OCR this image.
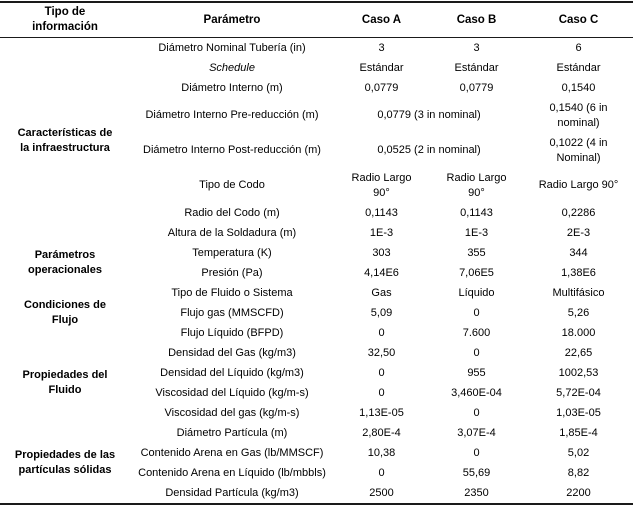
Tipo de información	Parámetro	Caso A	Caso B	Caso C
Características de la infraestructura	Diámetro Nominal Tubería (in)	3	3	6
	Schedule	Estándar	Estándar	Estándar
	Diámetro Interno (m)	0,0779	0,0779	0,1540
	Diámetro Interno Pre-reducción (m)	0,0779 (3 in nominal)		0,1540 (6 in nominal)
	Diámetro Interno Post-reducción (m)	0,0525 (2 in nominal)		0,1022 (4 in Nominal)
	Tipo de Codo	Radio Largo 90°	Radio Largo 90°	Radio Largo 90°
	Radio del Codo (m)	0,1143	0,1143	0,2286
	Altura de la Soldadura (m)	1E-3	1E-3	2E-3
Parámetros operacionales	Temperatura (K)	303	355	344
	Presión (Pa)	4,14E6	7,06E5	1,38E6
Condiciones de Flujo	Tipo de Fluido o Sistema	Gas	Líquido	Multifásico
	Flujo gas (MMSCFD)	5,09	0	5,26
	Flujo Líquido (BFPD)	0	7.600	18.000
Propiedades del Fluido	Densidad del Gas (kg/m3)	32,50	0	22,65
	Densidad del Líquido (kg/m3)	0	955	1002,53
	Viscosidad del Líquido (kg/m-s)	0	3,460E-04	5,72E-04
	Viscosidad del gas (kg/m-s)	1,13E-05	0	1,03E-05
Propiedades de las partículas sólidas	Diámetro Partícula (m)	2,80E-4	3,07E-4	1,85E-4
	Contenido Arena en Gas (lb/MMSCF)	10,38	0	5,02
	Contenido Arena en Líquido (lb/mbbls)	0	55,69	8,82
	Densidad Partícula (kg/m3)	2500	2350	2200
